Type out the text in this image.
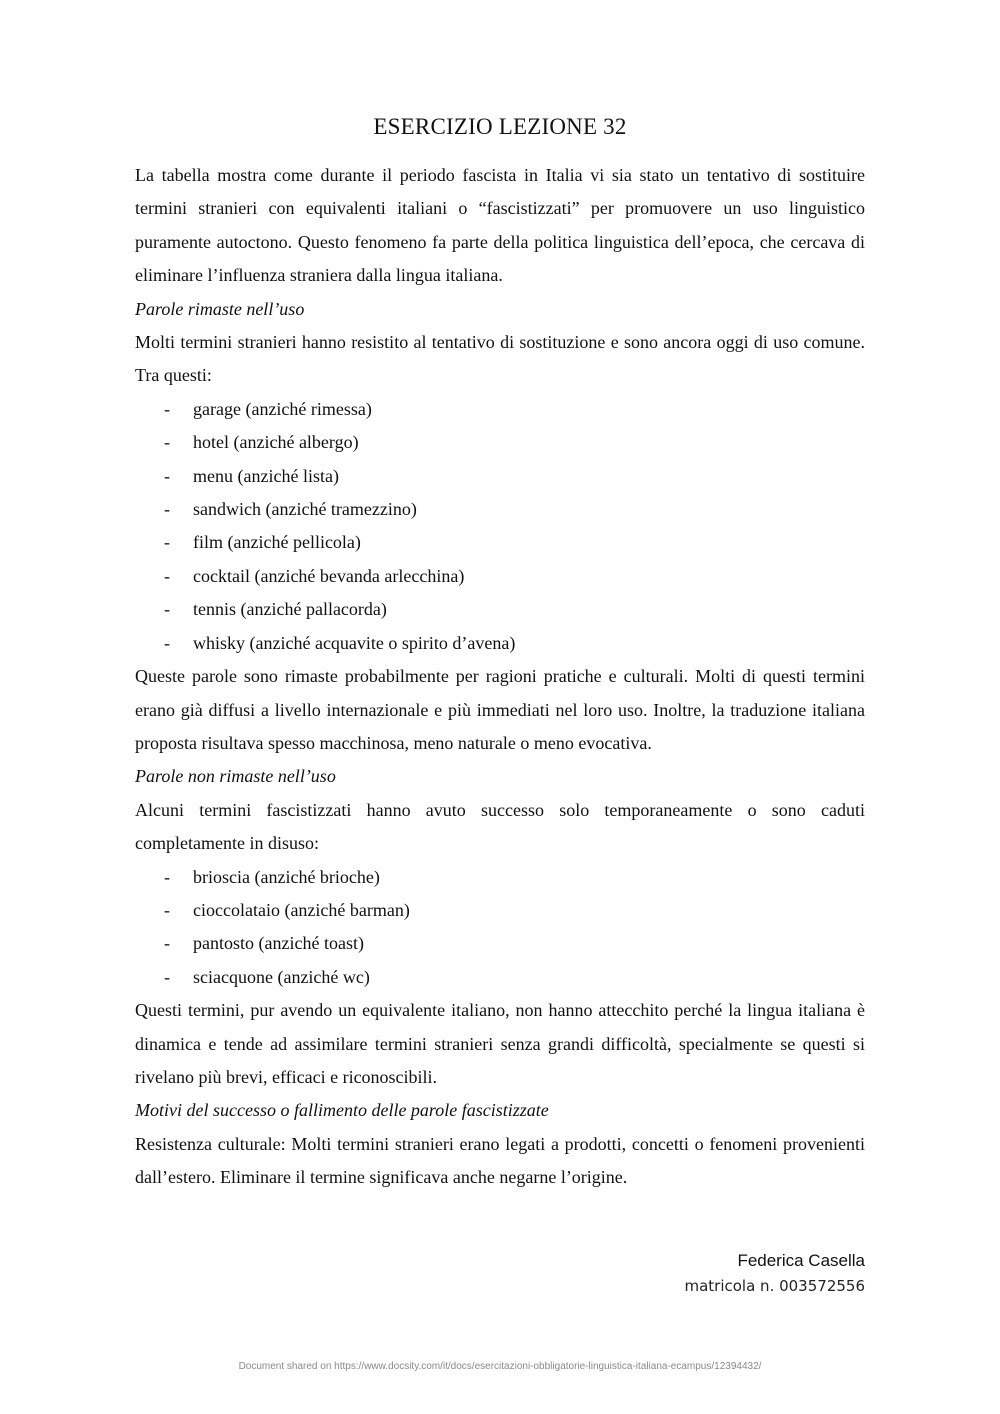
ESERCIZIO LEZIONE 32

La tabella mostra come durante il periodo fascista in Italia vi sia stato un tentativo di sostituire termini stranieri con equivalenti italiani o “fascistizzati” per promuovere un uso linguistico puramente autoctono. Questo fenomeno fa parte della politica linguistica dell’epoca, che cercava di eliminare l’influenza straniera dalla lingua italiana.

Parole rimaste nell’uso

Molti termini stranieri hanno resistito al tentativo di sostituzione e sono ancora oggi di uso comune. Tra questi:

- garage (anziché rimessa)
- hotel (anziché albergo)
- menu (anziché lista)
- sandwich (anziché tramezzino)
- film (anziché pellicola)
- cocktail (anziché bevanda arlecchina)
- tennis (anziché pallacorda)
- whisky (anziché acquavite o spirito d’avena)

Queste parole sono rimaste probabilmente per ragioni pratiche e culturali. Molti di questi termini erano già diffusi a livello internazionale e più immediati nel loro uso. Inoltre, la traduzione italiana proposta risultava spesso macchinosa, meno naturale o meno evocativa.

Parole non rimaste nell’uso

Alcuni termini fascistizzati hanno avuto successo solo temporaneamente o sono caduti completamente in disuso:

- brioscia (anziché brioche)
- cioccolataio (anziché barman)
- pantosto (anziché toast)
- sciacquone (anziché wc)

Questi termini, pur avendo un equivalente italiano, non hanno attecchito perché la lingua italiana è dinamica e tende ad assimilare termini stranieri senza grandi difficoltà, specialmente se questi si rivelano più brevi, efficaci e riconoscibili.

Motivi del successo o fallimento delle parole fascistizzate

Resistenza culturale: Molti termini stranieri erano legati a prodotti, concetti o fenomeni provenienti dall’estero. Eliminare il termine significava anche negarne l’origine.

Federica Casella
matricola n. 003572556
Document shared on https://www.docsity.com/it/docs/esercitazioni-obbligatorie-linguistica-italiana-ecampus/12394432/
